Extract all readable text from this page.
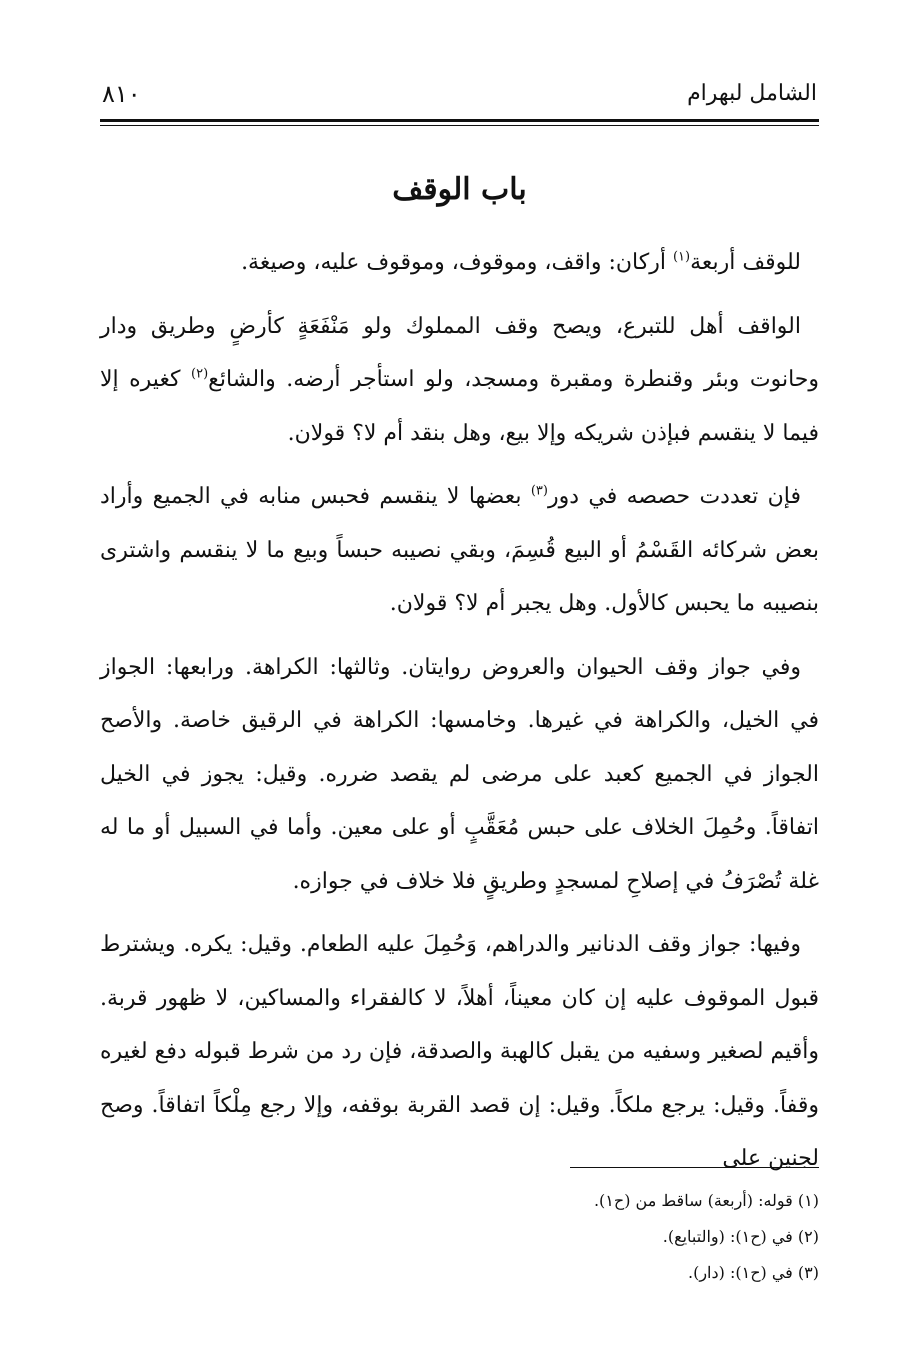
الشامل لبهرام
٨١٠
باب الوقف

للوقف أربعة$^{(١)}$ أركان: واقف، وموقوف، وموقوف عليه، وصيغة.

الواقف أهل للتبرع، ويصح وقف المملوك ولو مَنْفَعَةٍ كأرضٍ وطريق ودار وحانوت وبئر وقنطرة ومقبرة ومسجد، ولو استأجر أرضه. والشائع$^{(٢)}$ كغيره إلا فيما لا ينقسم فبإذن شريكه وإلا بيع، وهل بنقد أم لا؟ قولان.

فإن تعددت حصصه في دور$^{(٣)}$ بعضها لا ينقسم فحبس منابه في الجميع وأراد بعض شركائه القَسْمُ أو البيع قُسِمَ، وبقي نصيبه حبساً وبيع ما لا ينقسم واشترى بنصيبه ما يحبس كالأول. وهل يجبر أم لا؟ قولان.

وفي جواز وقف الحيوان والعروض روايتان. وثالثها: الكراهة. ورابعها: الجواز في الخيل، والكراهة في غيرها. وخامسها: الكراهة في الرقيق خاصة. والأصح الجواز في الجميع كعبد على مرضى لم يقصد ضرره. وقيل: يجوز في الخيل اتفاقاً. وحُمِلَ الخلاف على حبس مُعَقَّبٍ أو على معين. وأما في السبيل أو ما له غلة تُصْرَفُ في إصلاحِ لمسجدٍ وطريقٍ فلا خلاف في جوازه.

وفيها: جواز وقف الدنانير والدراهم، وَحُمِلَ عليه الطعام. وقيل: يكره. ويشترط قبول الموقوف عليه إن كان معيناً، أهلاً، لا كالفقراء والمساكين، لا ظهور قربة. وأقيم لصغير وسفيه من يقبل كالهبة والصدقة، فإن رد من شرط قبوله دفع لغيره وقفاً. وقيل: يرجع ملكاً. وقيل: إن قصد القربة بوقفه، وإلا رجع مِلْكاً اتفاقاً. وصح لجنين على

(١) قوله: (أربعة) ساقط من (ح١).

(٢) في (ح١): (والتبايع).

(٣) في (ح١): (دار).
